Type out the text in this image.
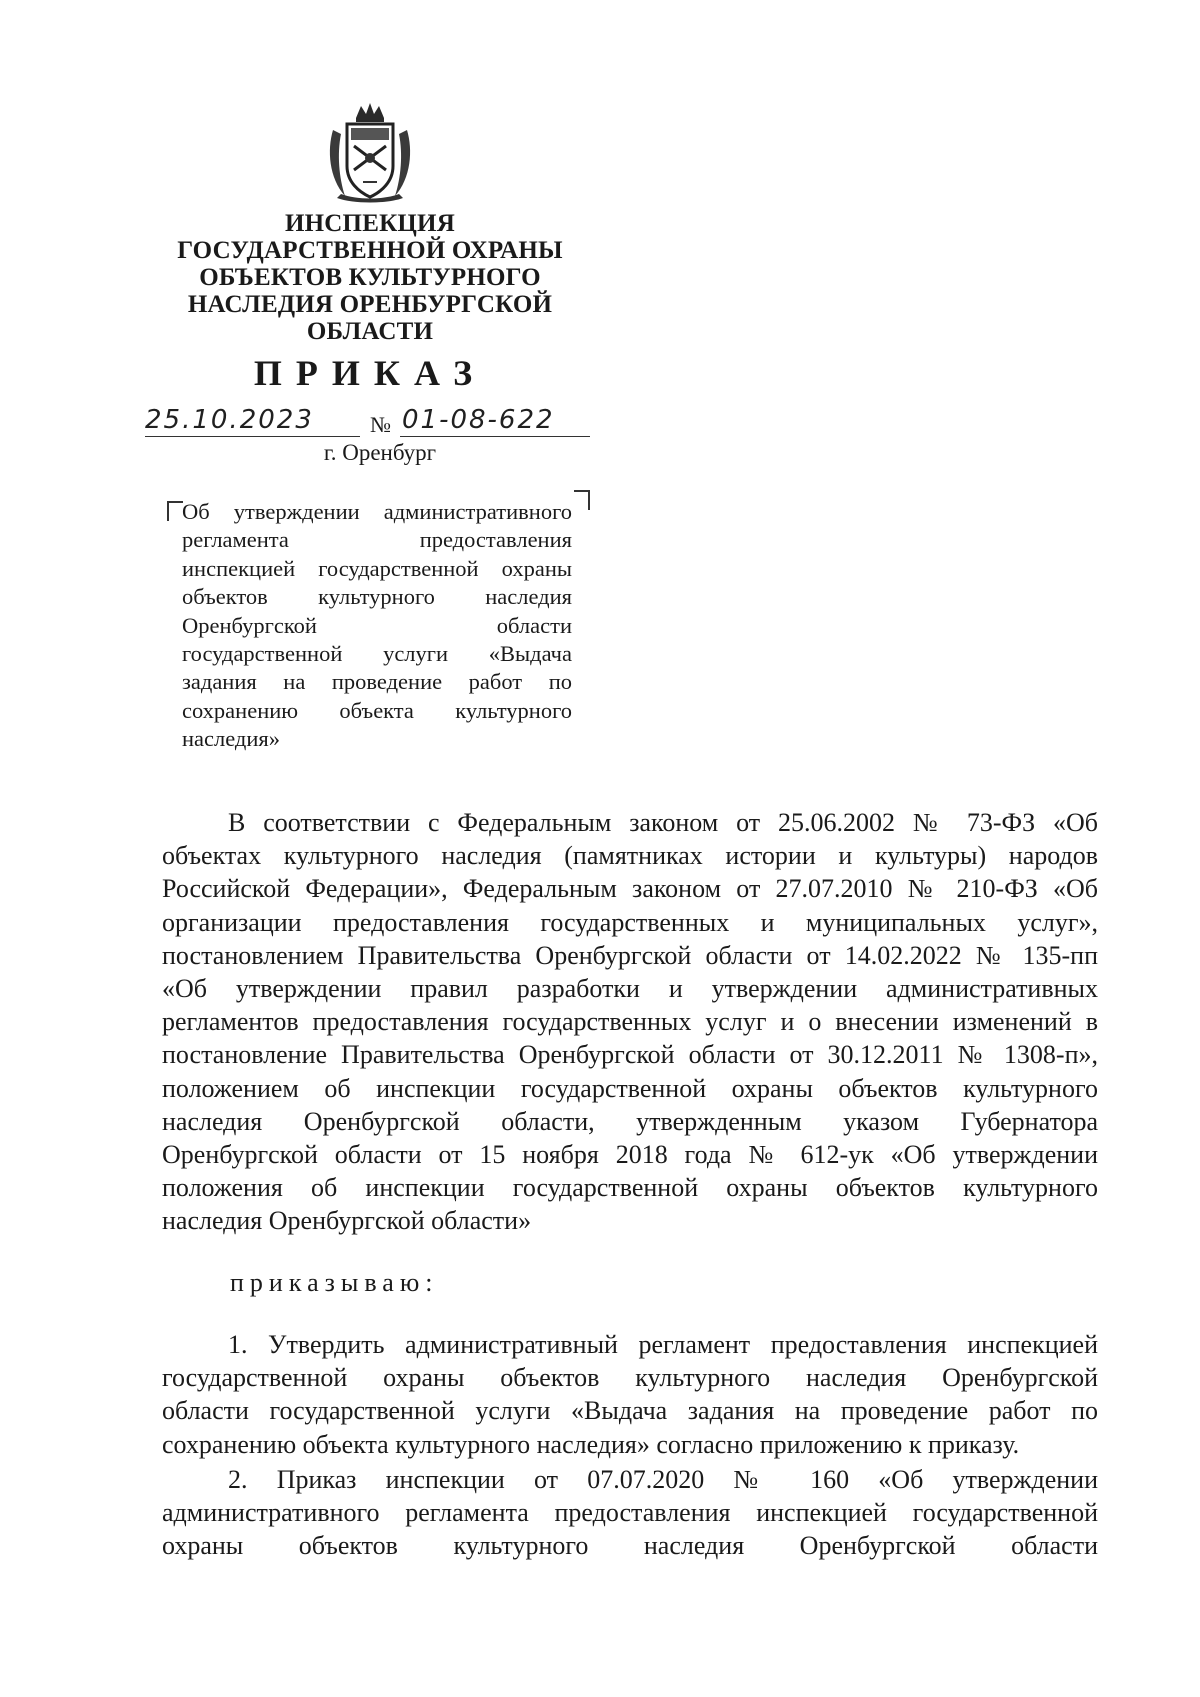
ИНСПЕКЦИЯ
ГОСУДАРСТВЕННОЙ ОХРАНЫ
ОБЪЕКТОВ КУЛЬТУРНОГО
НАСЛЕДИЯ ОРЕНБУРГСКОЙ
ОБЛАСТИ
ПРИКАЗ
25.10.2023	№ 01-08-622
г. Оренбург
Об утверждении административного
регламента предоставления
инспекцией государственной охраны
объектов культурного наследия
Оренбургской области
государственной услуги «Выдача
задания на проведение работ по
сохранению объекта культурного
наследия»
В соответствии с Федеральным законом от 25.06.2002 № 73-ФЗ «Об
объектах культурного наследия (памятниках истории и культуры) народов
Российской Федерации», Федеральным законом от 27.07.2010 № 210-ФЗ «Об
организации предоставления государственных и муниципальных услуг»,
постановлением Правительства Оренбургской области от 14.02.2022 № 135-пп
«Об утверждении правил разработки и утверждении административных
регламентов предоставления государственных услуг и о внесении изменений в
постановление Правительства Оренбургской области от 30.12.2011 № 1308-п»,
положением об инспекции государственной охраны объектов культурного
наследия Оренбургской области, утвержденным указом Губернатора
Оренбургской области от 15 ноября 2018 года № 612-ук «Об утверждении
положения об инспекции государственной охраны объектов культурного
наследия Оренбургской области»
приказываю:
1. Утвердить административный регламент предоставления инспекцией
государственной охраны объектов культурного наследия Оренбургской
области государственной услуги «Выдача задания на проведение работ по
сохранению объекта культурного наследия» согласно приложению к приказу.
2. Приказ инспекции от 07.07.2020 № 160 «Об утверждении
административного регламента предоставления инспекцией государственной
охраны объектов культурного наследия Оренбургской области
